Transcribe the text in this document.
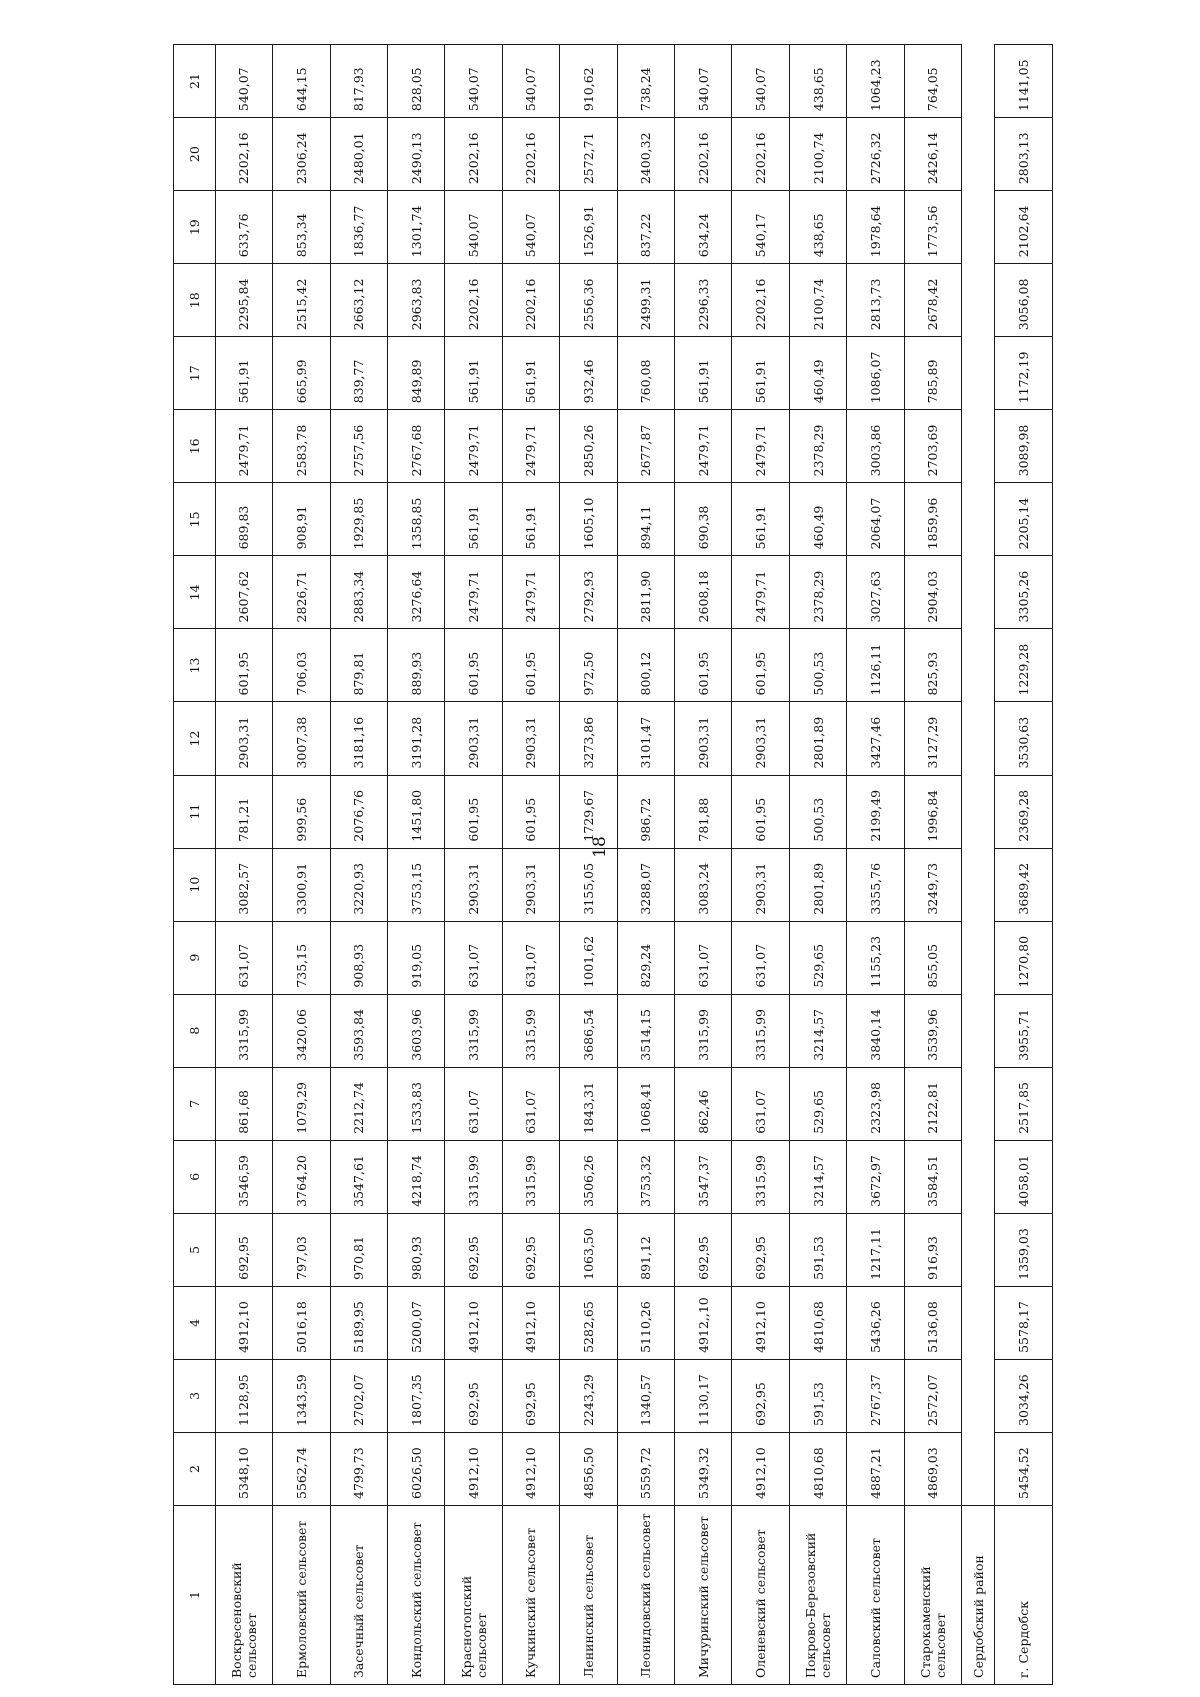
18
1	2	3	4	5	6	7	8	9	10	11	12	13	14	15	16	17	18	19	20	21
Воскресеновский сельсовет	5348,10	1128,95	4912,10	692,95	3546,59	861,68	3315,99	631,07	3082,57	781,21	2903,31	601,95	2607,62	689,83	2479,71	561,91	2295,84	633,76	2202,16	540,07
Ермоловский сельсовет	5562,74	1343,59	5016,18	797,03	3764,20	1079,29	3420,06	735,15	3300,91	999,56	3007,38	706,03	2826,71	908,91	2583,78	665,99	2515,42	853,34	2306,24	644,15
Засечный сельсовет	4799,73	2702,07	5189,95	970,81	3547,61	2212,74	3593,84	908,93	3220,93	2076,76	3181,16	879,81	2883,34	1929,85	2757,56	839,77	2663,12	1836,77	2480,01	817,93
Кондольский сельсовет	6026,50	1807,35	5200,07	980,93	4218,74	1533,83	3603,96	919,05	3753,15	1451,80	3191,28	889,93	3276,64	1358,85	2767,68	849,89	2963,83	1301,74	2490,13	828,05
Краснотопский сельсовет	4912,10	692,95	4912,10	692,95	3315,99	631,07	3315,99	631,07	2903,31	601,95	2903,31	601,95	2479,71	561,91	2479,71	561,91	2202,16	540,07	2202,16	540,07
Кучкинский сельсовет	4912,10	692,95	4912,10	692,95	3315,99	631,07	3315,99	631,07	2903,31	601,95	2903,31	601,95	2479,71	561,91	2479,71	561,91	2202,16	540,07	2202,16	540,07
Ленинский сельсовет	4856,50	2243,29	5282,65	1063,50	3506,26	1843,31	3686,54	1001,62	3155,05	1729,67	3273,86	972,50	2792,93	1605,10	2850,26	932,46	2556,36	1526,91	2572,71	910,62
Леонидовский сельсовет	5559,72	1340,57	5110,26	891,12	3753,32	1068,41	3514,15	829,24	3288,07	986,72	3101,47	800,12	2811,90	894,11	2677,87	760,08	2499,31	837,22	2400,32	738,24
Мичуринский сельсовет	5349,32	1130,17	4912,,10	692,95	3547,37	862,46	3315,99	631,07	3083,24	781,88	2903,31	601,95	2608,18	690,38	2479,71	561,91	2296,33	634,24	2202,16	540,07
Оленевский сельсовет	4912,10	692,95	4912,10	692,95	3315,99	631,07	3315,99	631,07	2903,31	601,95	2903,31	601,95	2479,71	561,91	2479,71	561,91	2202,16	540,17	2202,16	540,07
Покрово-Березовский сельсовет	4810,68	591,53	4810,68	591,53	3214,57	529,65	3214,57	529,65	2801,89	500,53	2801,89	500,53	2378,29	460,49	2378,29	460,49	2100,74	438,65	2100,74	438,65
Саловский сельсовет	4887,21	2767,37	5436,26	1217,11	3672,97	2323,98	3840,14	1155,23	3355,76	2199,49	3427,46	1126,11	3027,63	2064,07	3003,86	1086,07	2813,73	1978,64	2726,32	1064,23
Старокаменский сельсовет	4869,03	2572,07	5136,08	916,93	3584,51	2122,81	3539,96	855,05	3249,73	1996,84	3127,29	825,93	2904,03	1859,96	2703,69	785,89	2678,42	1773,56	2426,14	764,05
Сердобский район																				
г. Сердобск	5454,52	3034,26	5578,17	1359,03	4058,01	2517,85	3955,71	1270,80	3689,42	2369,28	3530,63	1229,28	3305,26	2205,14	3089,98	1172,19	3056,08	2102,64	2803,13	1141,05
